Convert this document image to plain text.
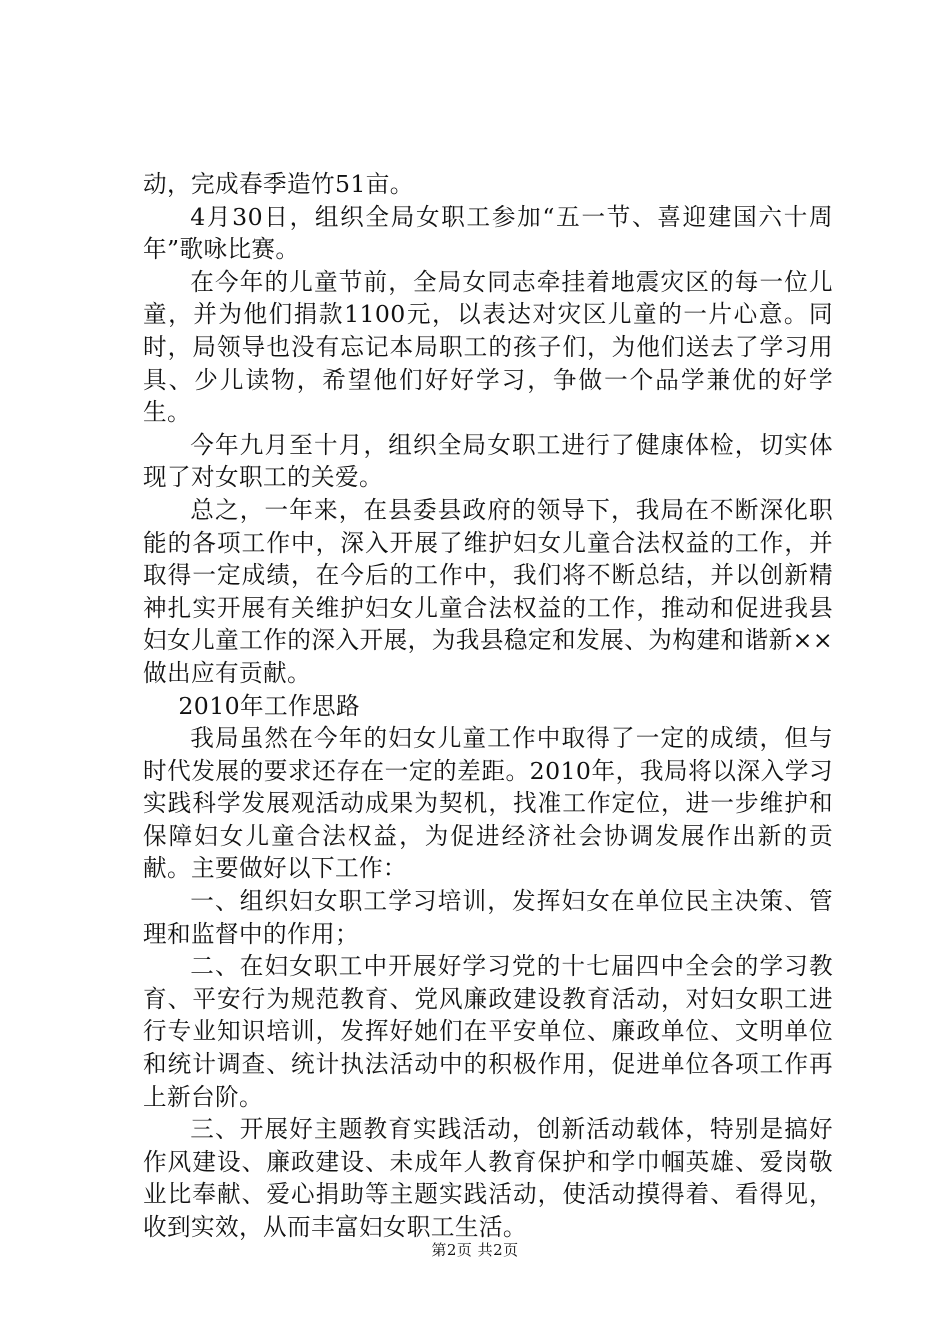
动，完成春季造竹51亩。

4月30日，组织全局女职工参加“五一节、喜迎建国六十周年”歌咏比赛。

在今年的儿童节前，全局女同志牵挂着地震灾区的每一位儿童，并为他们捐款1100元，以表达对灾区儿童的一片心意。同时，局领导也没有忘记本局职工的孩子们，为他们送去了学习用具、少儿读物，希望他们好好学习，争做一个品学兼优的好学生。

今年九月至十月，组织全局女职工进行了健康体检，切实体现了对女职工的关爱。

总之，一年来，在县委县政府的领导下，我局在不断深化职能的各项工作中，深入开展了维护妇女儿童合法权益的工作，并取得一定成绩，在今后的工作中，我们将不断总结，并以创新精神扎实开展有关维护妇女儿童合法权益的工作，推动和促进我县妇女儿童工作的深入开展，为我县稳定和发展、为构建和谐新××做出应有贡献。

2010年工作思路

我局虽然在今年的妇女儿童工作中取得了一定的成绩，但与时代发展的要求还存在一定的差距。2010年，我局将以深入学习实践科学发展观活动成果为契机，找准工作定位，进一步维护和保障妇女儿童合法权益，为促进经济社会协调发展作出新的贡献。主要做好以下工作：

一、组织妇女职工学习培训，发挥妇女在单位民主决策、管理和监督中的作用；

二、在妇女职工中开展好学习党的十七届四中全会的学习教育、平安行为规范教育、党风廉政建设教育活动，对妇女职工进行专业知识培训，发挥好她们在平安单位、廉政单位、文明单位和统计调查、统计执法活动中的积极作用，促进单位各项工作再上新台阶。

三、开展好主题教育实践活动，创新活动载体，特别是搞好作风建设、廉政建设、未成年人教育保护和学巾帼英雄、爱岗敬业比奉献、爱心捐助等主题实践活动，使活动摸得着、看得见，收到实效，从而丰富妇女职工生活。

第2页 共2页
